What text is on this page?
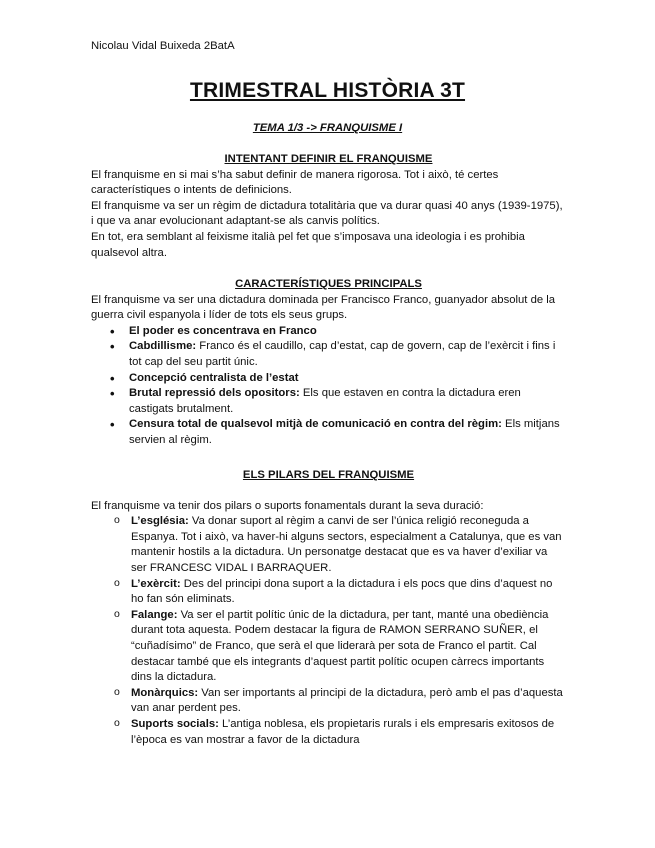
Nicolau Vidal Buixeda 2BatA
TRIMESTRAL HISTÒRIA 3T
TEMA 1/3 -> FRANQUISME I
INTENTANT DEFINIR EL FRANQUISME

El franquisme en si mai s’ha sabut definir de manera rigorosa. Tot i això, té certes característiques o intents de definicions.

El franquisme va ser un règim de dictadura totalitària que va durar quasi 40 anys (1939-1975), i que va anar evolucionant adaptant-se als canvis polítics.

En tot, era semblant al feixisme italià pel fet que s’imposava una ideologia i es prohibia qualsevol altra.

CARACTERÍSTIQUES PRINCIPALS

El franquisme va ser una dictadura dominada per Francisco Franco, guanyador absolut de la guerra civil espanyola i líder de tots els seus grups.

• El poder es concentrava en Franco
• Cabdillisme: Franco és el caudillo, cap d’estat, cap de govern, cap de l’exèrcit i fins i tot cap del seu partit únic.
• Concepció centralista de l’estat
• Brutal repressió dels opositors: Els que estaven en contra la dictadura eren castigats brutalment.
• Censura total de qualsevol mitjà de comunicació en contra del règim: Els mitjans servien al règim.
ELS PILARS DEL FRANQUISME

El franquisme va tenir dos pilars o suports fonamentals durant la seva duració:

o L’església: Va donar suport al règim a canvi de ser l’única religió reconeguda a Espanya. Tot i això, va haver-hi alguns sectors, especialment a Catalunya, que es van mantenir hostils a la dictadura. Un personatge destacat que es va haver d’exiliar va ser FRANCESC VIDAL I BARRAQUER.
o L’exèrcit: Des del principi dona suport a la dictadura i els pocs que dins d’aquest no ho fan són eliminats.
o Falange: Va ser el partit polític únic de la dictadura, per tant, manté una obediència durant tota aquesta. Podem destacar la figura de RAMON SERRANO SUÑER, el “cuñadísimo” de Franco, que serà el que liderarà per sota de Franco el partit. Cal destacar també que els integrants d’aquest partit polític ocupen càrrecs importants dins la dictadura.
o Monàrquics: Van ser importants al principi de la dictadura, però amb el pas d’aquesta van anar perdent pes.
o Suports socials: L’antiga noblesa, els propietaris rurals i els empresaris exitosos de l’època es van mostrar a favor de la dictadura
